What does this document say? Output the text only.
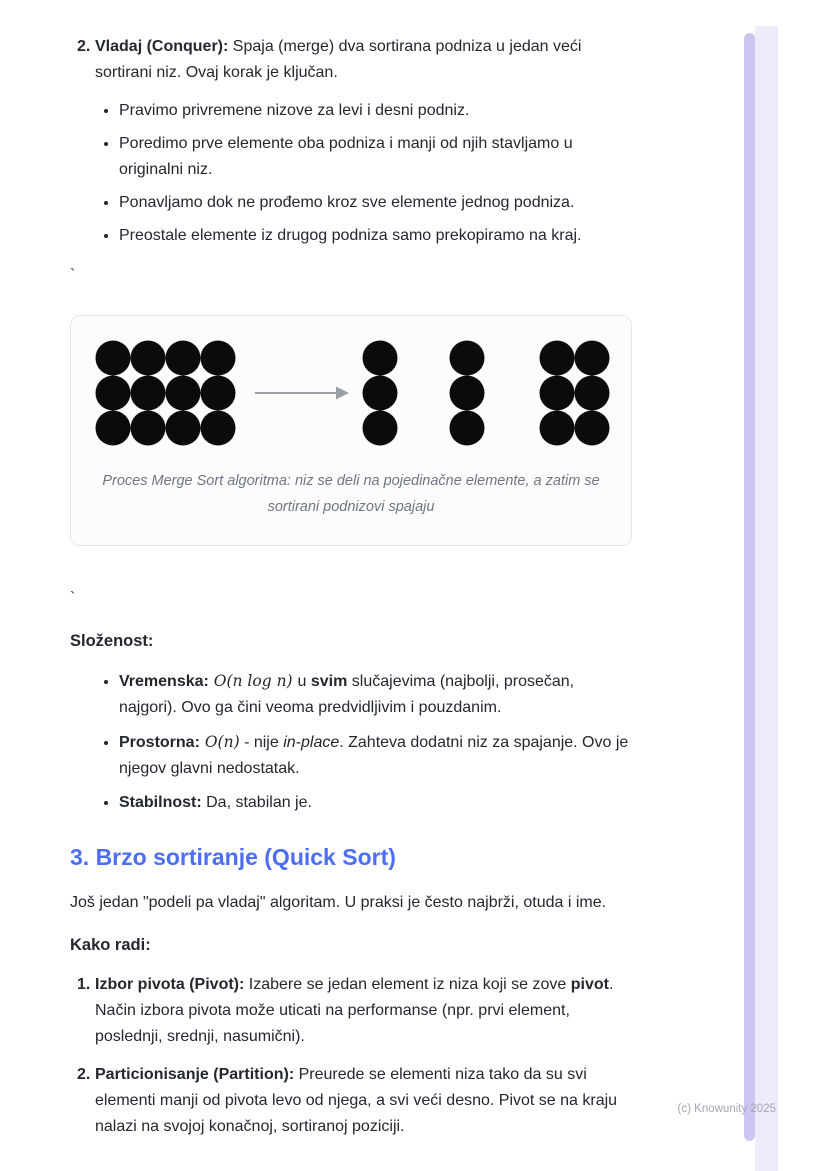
2. Vladaj (Conquer): Spaja (merge) dva sortirana podniza u jedan veći sortirani niz. Ovaj korak je ključan.

• Pravimo privremene nizove za levi i desni podniz.
• Poredimo prve elemente oba podniza i manji od njih stavljamo u originalni niz.
• Ponavljamo dok ne prođemo kroz sve elemente jednog podniza.
• Preostale elemente iz drugog podniza samo prekopiramo na kraj.

`

Proces Merge Sort algoritma: niz se deli na pojedinačne elemente, a zatim se sortirani podnizovi spajaju

`

Složenost:
• Vremenska: O(n log n) u svim slučajevima (najbolji, prosečan, najgori). Ovo ga čini veoma predvidljivim i pouzdanim.
• Prostorna: O(n) - nije in-place. Zahteva dodatni niz za spajanje. Ovo je njegov glavni nedostatak.
• Stabilnost: Da, stabilan je.
3. Brzo sortiranje (Quick Sort)

Još jedan "podeli pa vladaj" algoritam. U praksi je često najbrži, otuda i ime.

Kako radi:
1. Izbor pivota (Pivot): Izabere se jedan element iz niza koji se zove pivot. Način izbora pivota može uticati na performanse (npr. prvi element, poslednji, srednji, nasumični).

2. Particionisanje (Partition): Preurede se elementi niza tako da su svi elementi manji od pivota levo od njega, a svi veći desno. Pivot se na kraju nalazi na svojoj konačnoj, sortiranoj poziciji.

(c) Knowunity 2025
